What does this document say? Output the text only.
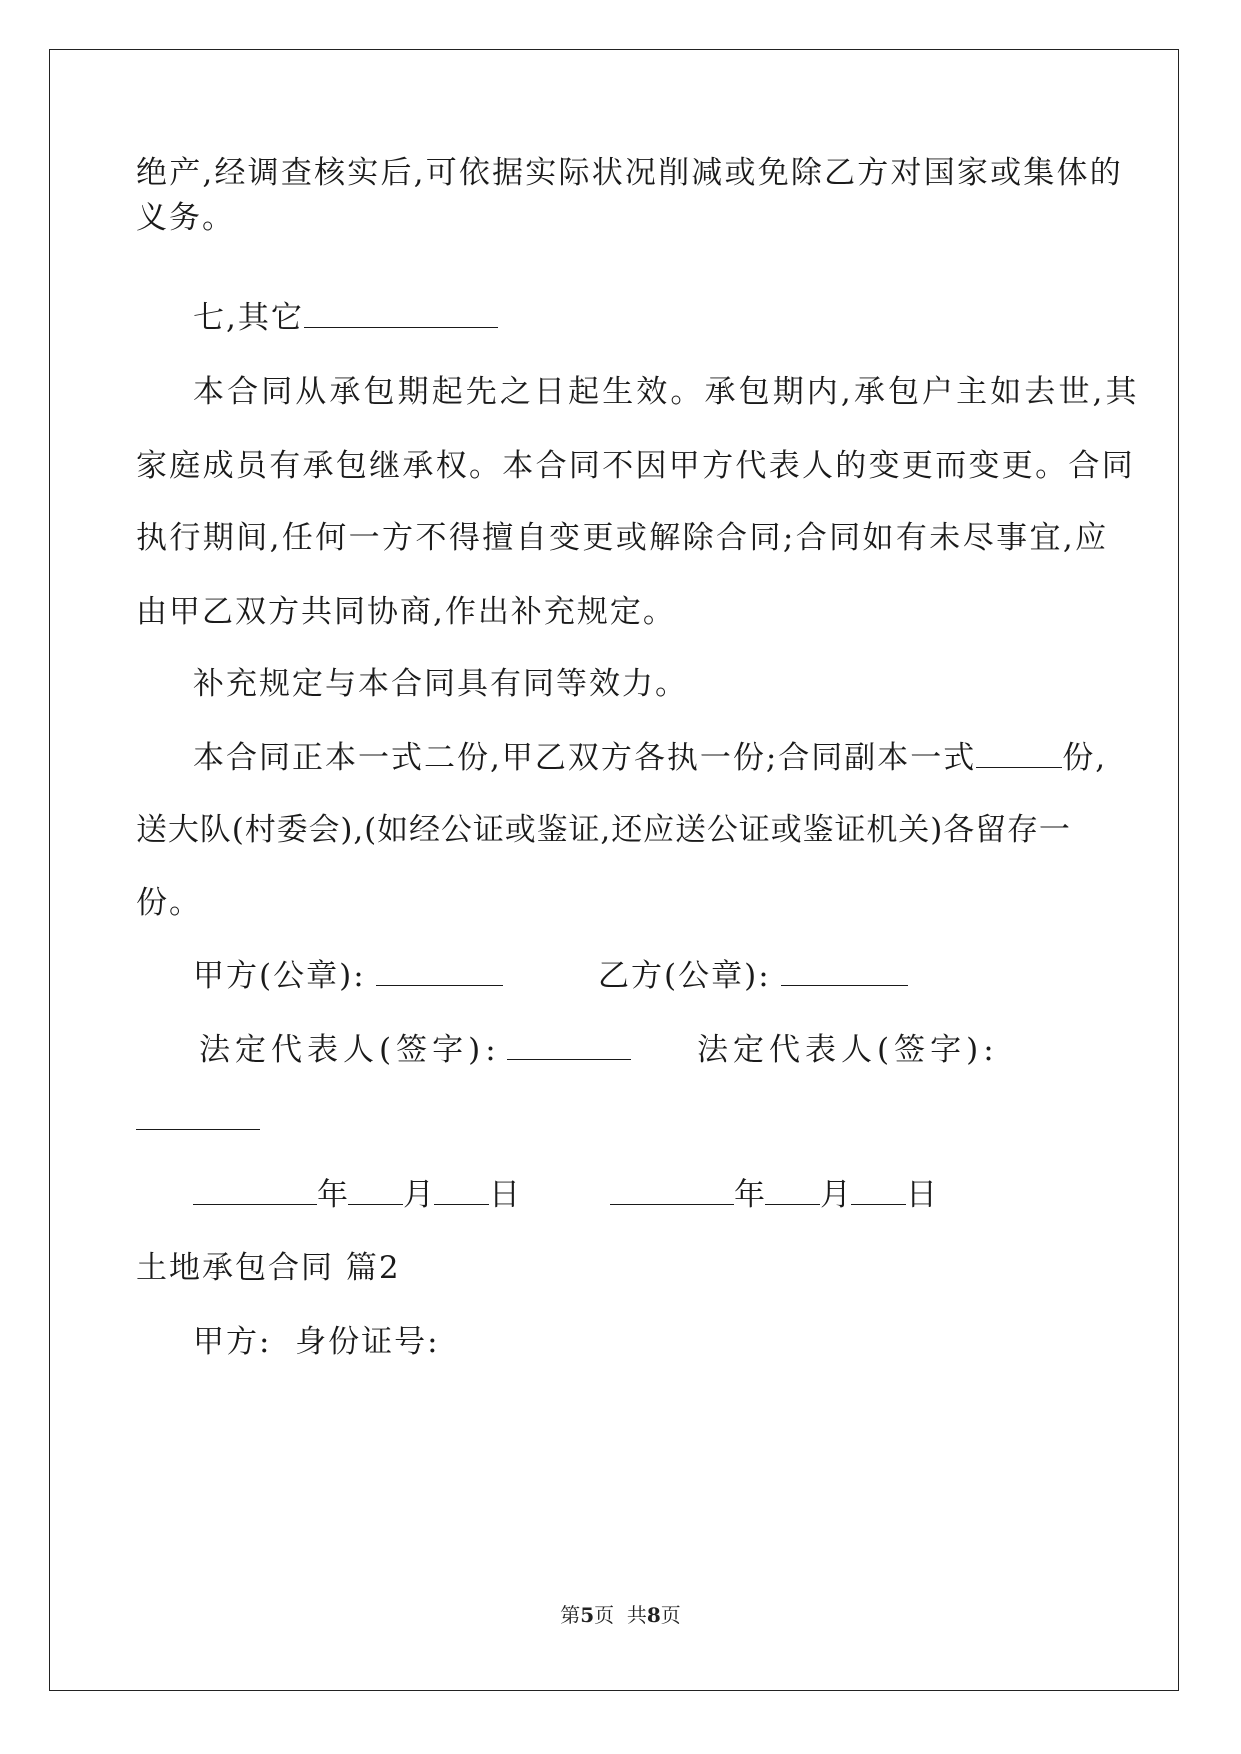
绝产,经调查核实后,可依据实际状况削减或免除乙方对国家或集体的
义务。
七,其它
本合同从承包期起先之日起生效。承包期内,承包户主如去世,其
家庭成员有承包继承权。本合同不因甲方代表人的变更而变更。合同
执行期间,任何一方不得擅自变更或解除合同;合同如有未尽事宜,应
由甲乙双方共同协商,作出补充规定。
补充规定与本合同具有同等效力。
本合同正本一式二份,甲乙双方各执一份;合同副本一式	份,
送大队(村委会),(如经公证或鉴证,还应送公证或鉴证机关)各留存一
份。
甲方(公章):	乙方(公章):
法定代表人(签字):	法定代表人(签字):
年 月 日	年 月 日
土地承包合同 篇2
甲方:  身份证号:
第5页  共8页
